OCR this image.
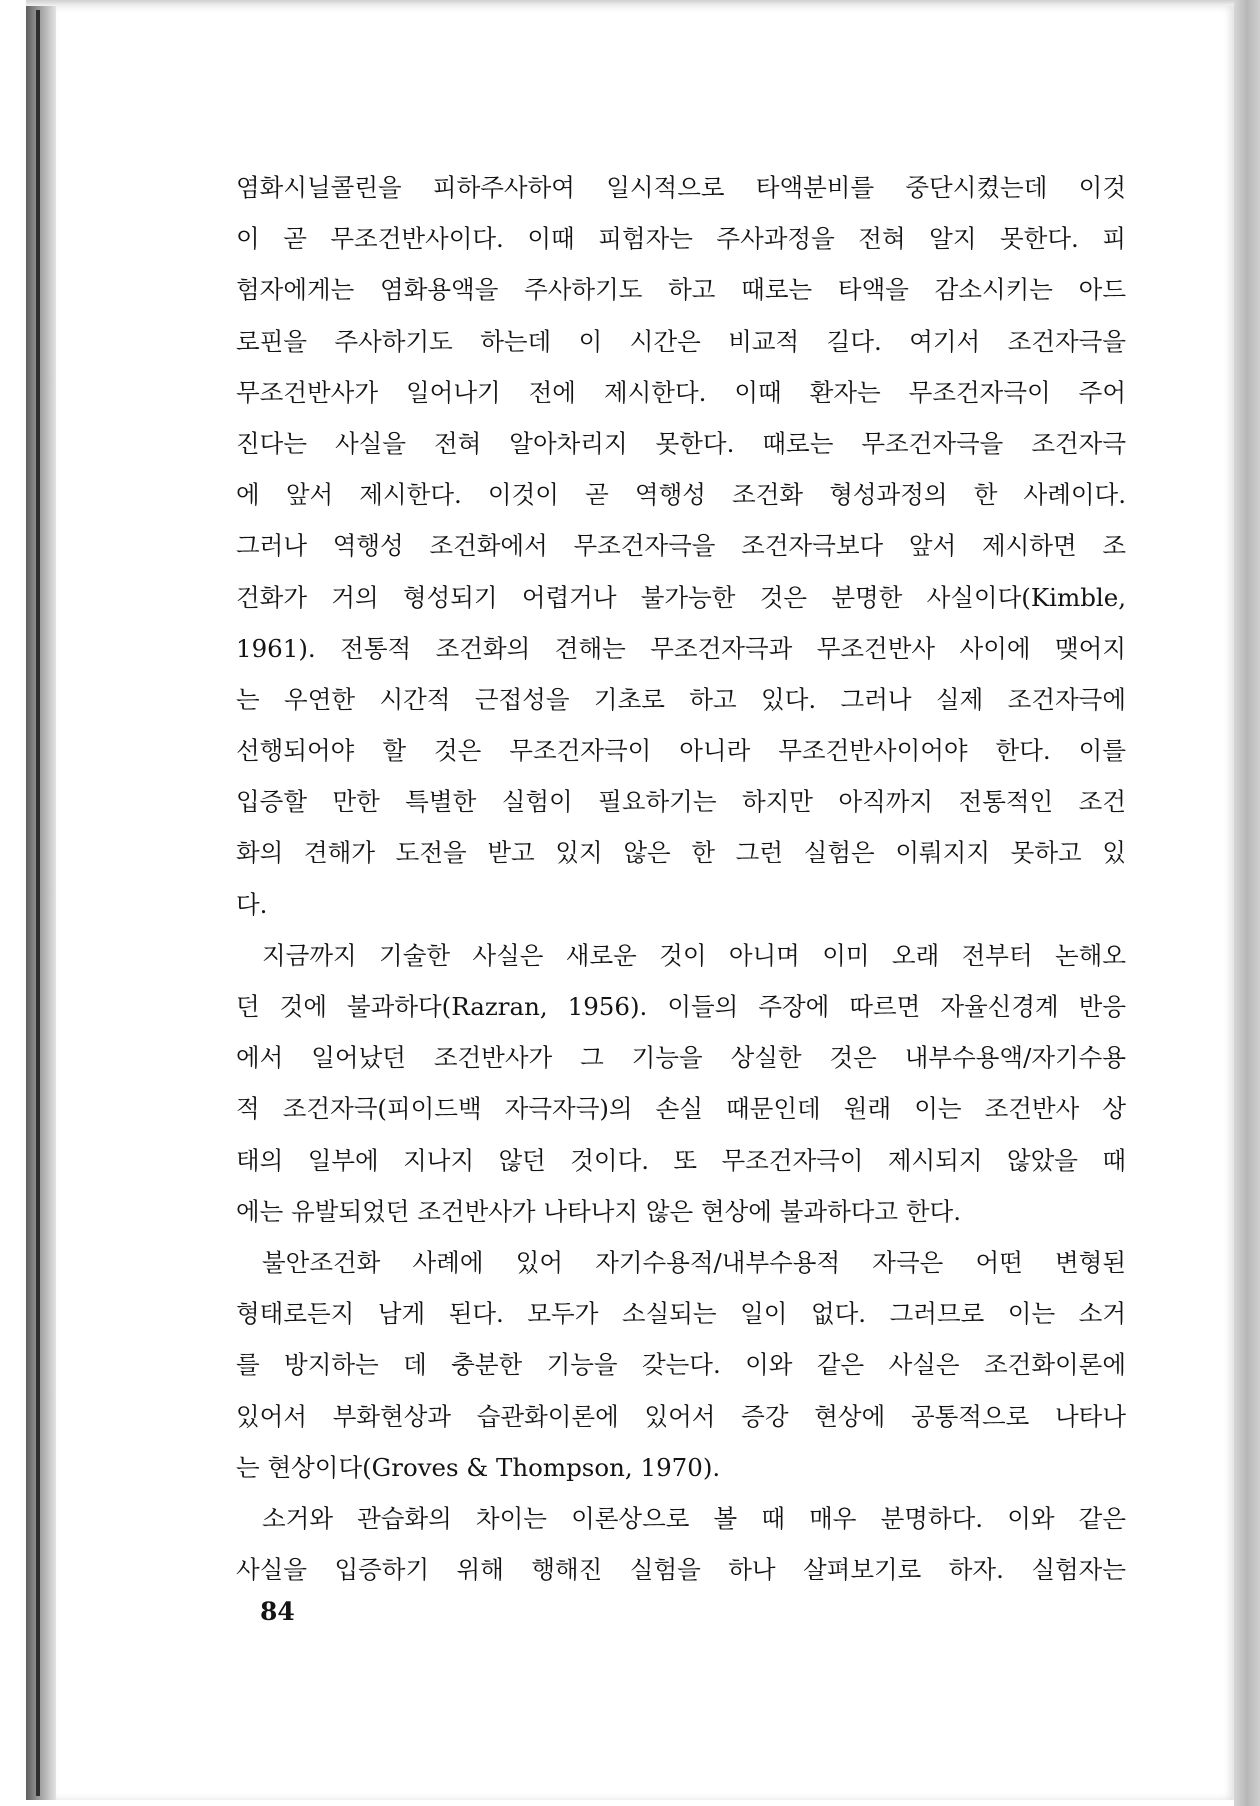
염화시닐콜린을 피하주사하여 일시적으로 타액분비를 중단시켰는데 이것
이 곧 무조건반사이다. 이때 피험자는 주사과정을 전혀 알지 못한다. 피
험자에게는 염화용액을 주사하기도 하고 때로는 타액을 감소시키는 아드
로핀을 주사하기도 하는데 이 시간은 비교적 길다. 여기서 조건자극을
무조건반사가 일어나기 전에 제시한다. 이때 환자는 무조건자극이 주어
진다는 사실을 전혀 알아차리지 못한다. 때로는 무조건자극을 조건자극
에 앞서 제시한다. 이것이 곧 역행성 조건화 형성과정의 한 사례이다.
그러나 역행성 조건화에서 무조건자극을 조건자극보다 앞서 제시하면 조
건화가 거의 형성되기 어렵거나 불가능한 것은 분명한 사실이다(Kimble,
1961). 전통적 조건화의 견해는 무조건자극과 무조건반사 사이에 맺어지
는 우연한 시간적 근접성을 기초로 하고 있다. 그러나 실제 조건자극에
선행되어야 할 것은 무조건자극이 아니라 무조건반사이어야 한다. 이를
입증할 만한 특별한 실험이 필요하기는 하지만 아직까지 전통적인 조건
화의 견해가 도전을 받고 있지 않은 한 그런 실험은 이뤄지지 못하고 있
다.
지금까지 기술한 사실은 새로운 것이 아니며 이미 오래 전부터 논해오
던 것에 불과하다(Razran, 1956). 이들의 주장에 따르면 자율신경계 반응
에서 일어났던 조건반사가 그 기능을 상실한 것은 내부수용액/자기수용
적 조건자극(피이드백 자극자극)의 손실 때문인데 원래 이는 조건반사 상
태의 일부에 지나지 않던 것이다. 또 무조건자극이 제시되지 않았을 때
에는 유발되었던 조건반사가 나타나지 않은 현상에 불과하다고 한다.
불안조건화 사례에 있어 자기수용적/내부수용적 자극은 어떤 변형된
형태로든지 남게 된다. 모두가 소실되는 일이 없다. 그러므로 이는 소거
를 방지하는 데 충분한 기능을 갖는다. 이와 같은 사실은 조건화이론에
있어서 부화현상과 습관화이론에 있어서 증강 현상에 공통적으로 나타나
는 현상이다(Groves & Thompson, 1970).
소거와 관습화의 차이는 이론상으로 볼 때 매우 분명하다. 이와 같은
사실을 입증하기 위해 행해진 실험을 하나 살펴보기로 하자. 실험자는
84
